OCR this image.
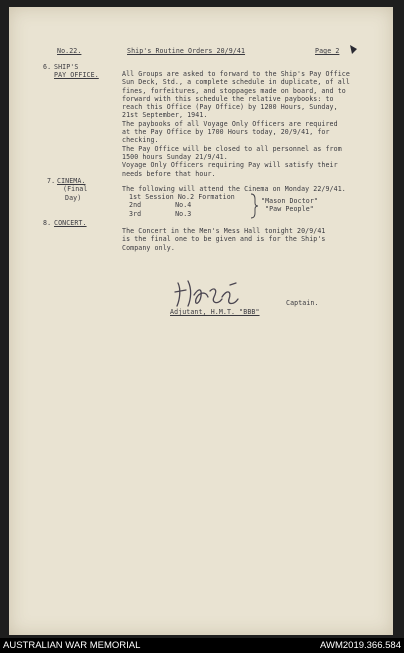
No.22.	Ship's Routine Orders 20/9/41	Page 2
6. SHIP'S
PAY OFFICE.	All Groups are asked to forward to the Ship's Pay Office
Sun Deck, Std., a complete schedule in duplicate, of all
fines, forfeitures, and stoppages made on board, and to
forward with this schedule the relative paybooks: to
reach this Office (Pay Office) by 1200 Hours, Sunday,
21st September, 1941.
The paybooks of all Voyage Only Officers are required
at the Pay Office by 1700 Hours today, 20/9/41, for
checking.
The Pay Office will be closed to all personnel as from
1500 hours Sunday 21/9/41.
Voyage Only Officers requiring Pay will satisfy their
needs before that hour.
7. CINEMA.
(Final
Day)
The following will attend the Cinema on Monday 22/9/41.
1st Session No.2 Formation
2nd	No.4
3rd	No.3
"Mason Doctor"
"Paw People"
8. CONCERT.
The Concert in the Men's Mess Hall tonight 20/9/41
is the final one to be given and is for the Ship's
Company only.
Captain.
Adjutant, H.M.T. "BBB"
AUSTRALIAN WAR MEMORIAL	AWM2019.366.584
